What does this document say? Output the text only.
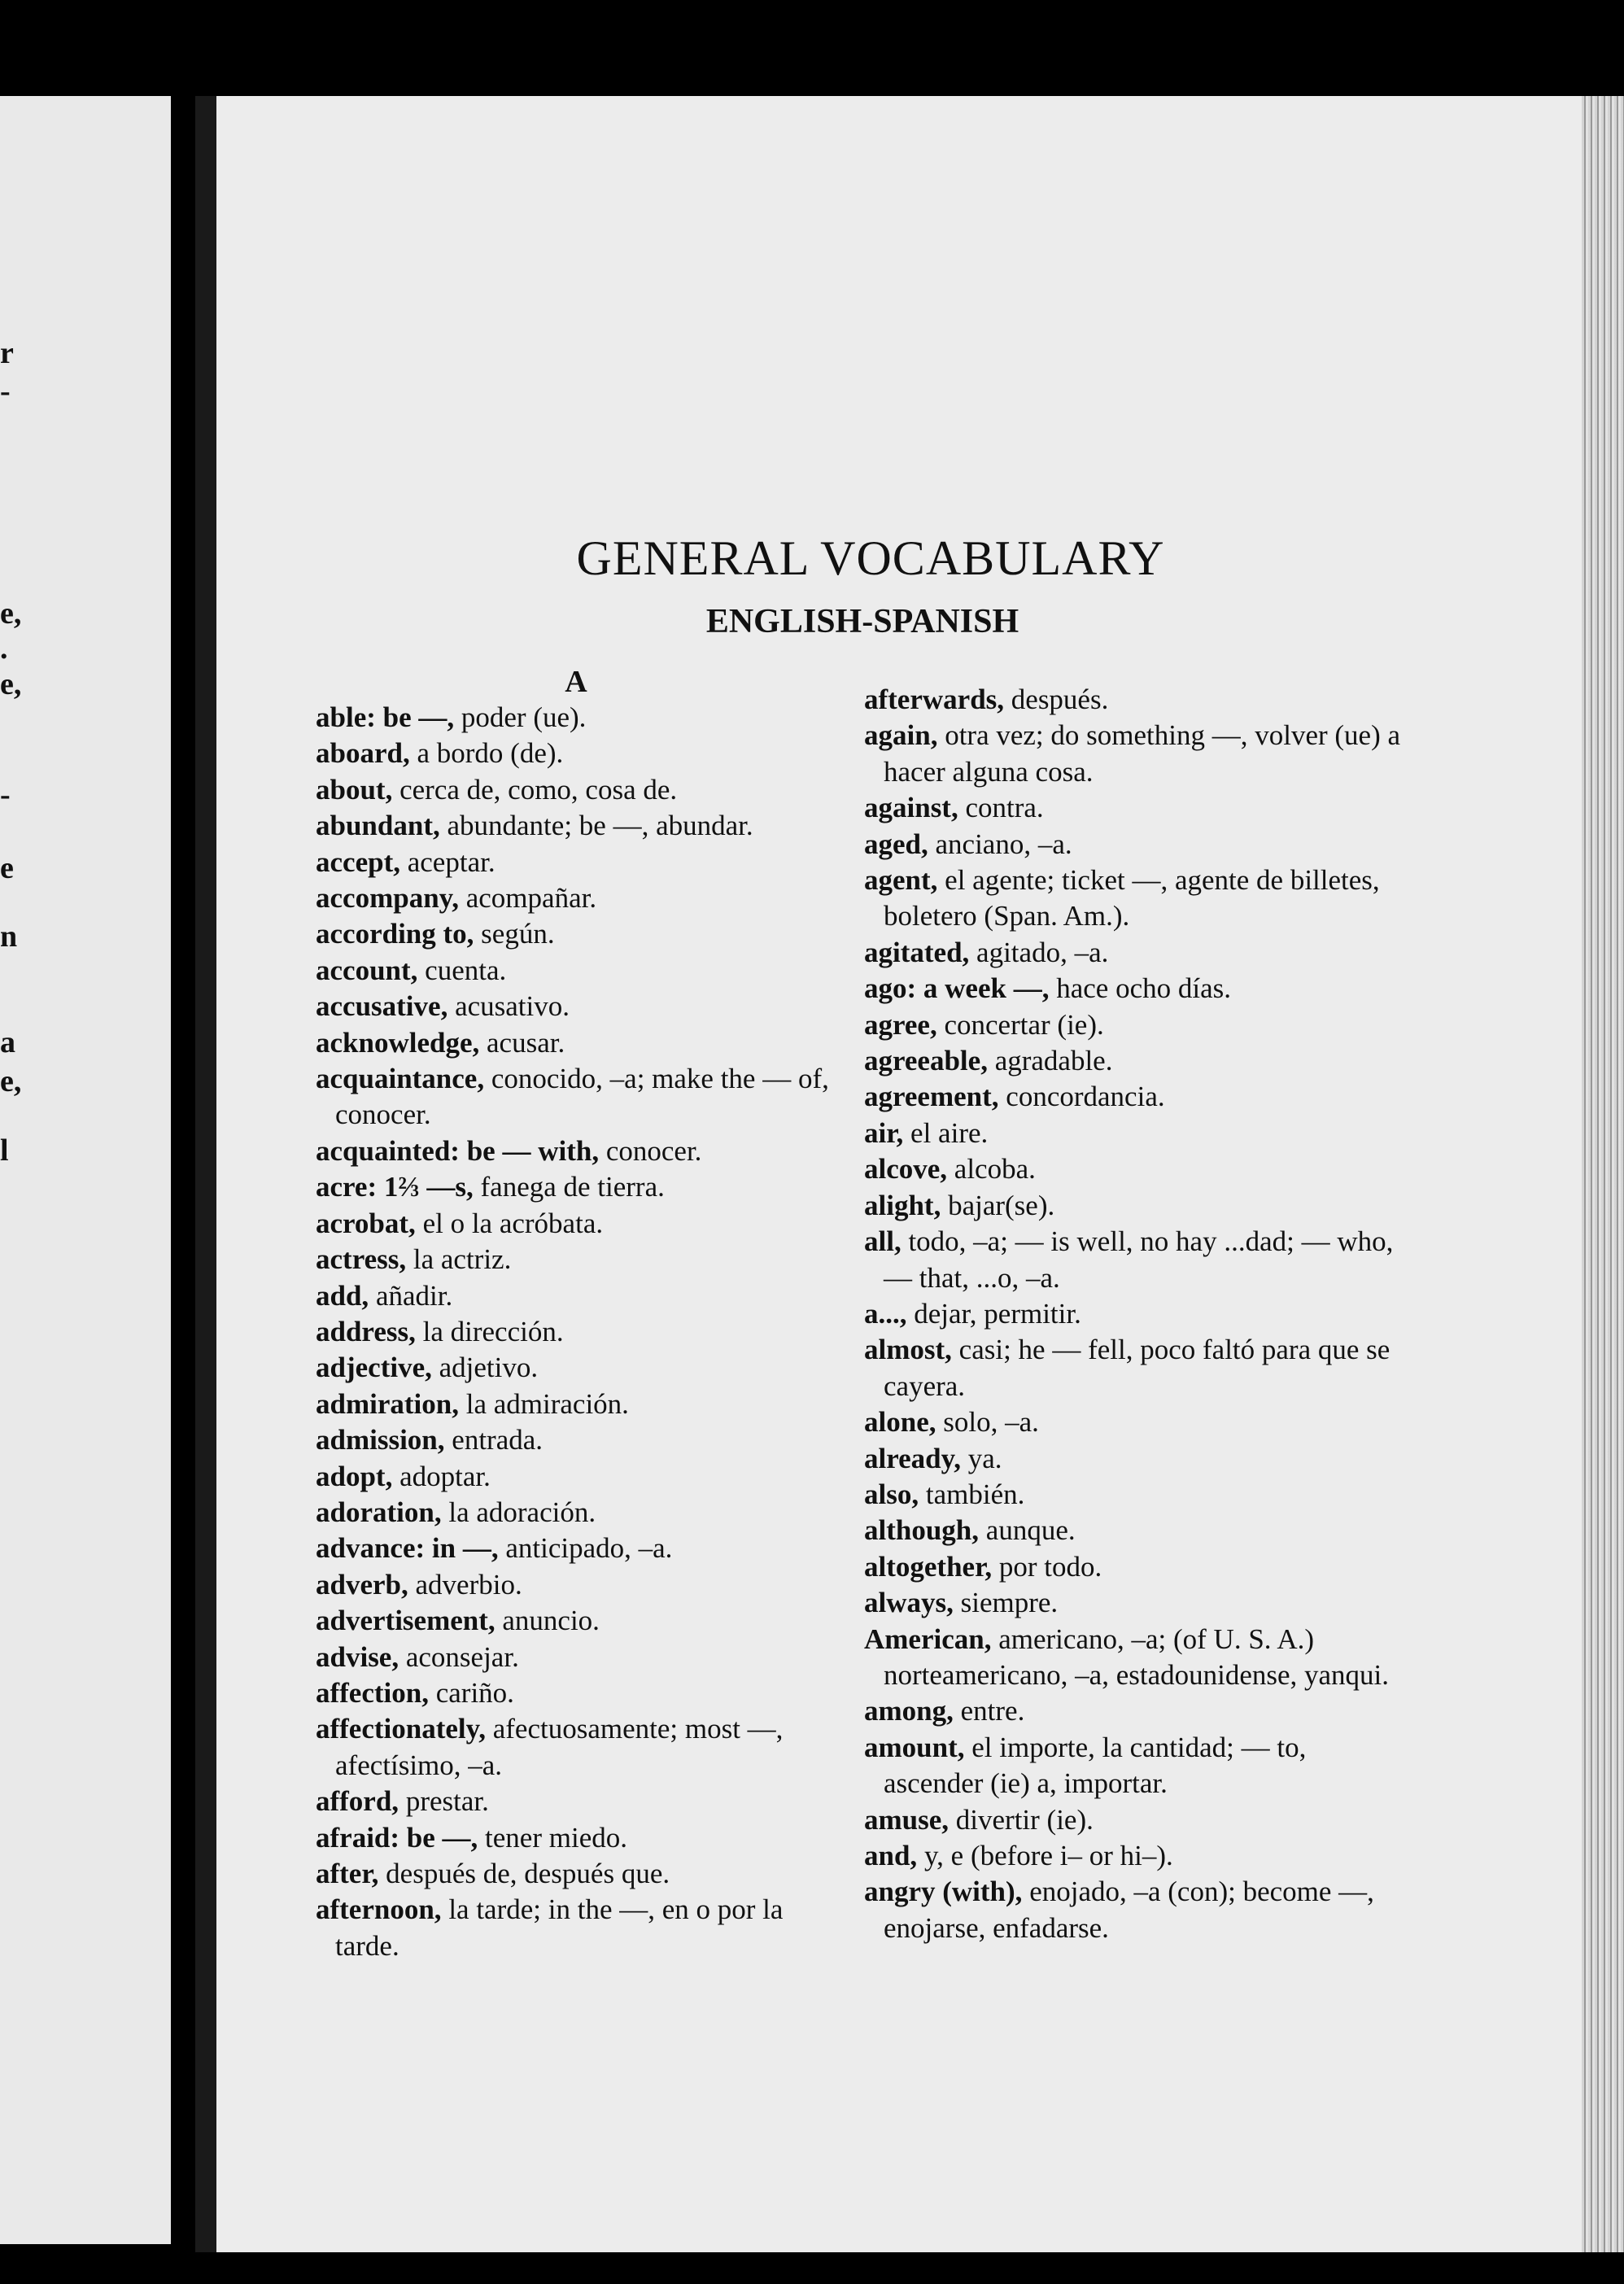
r
-
e,
.
e,
-
e
n
a
e,
l
GENERAL VOCABULARY
ENGLISH-SPANISH
A

able: be —, poder (ue).

aboard, a bordo (de).

about, cerca de, como, cosa de.

abundant, abundante; be —, abundar.

accept, aceptar.

accompany, acompañar.

according to, según.

account, cuenta.

accusative, acusativo.

acknowledge, acusar.

acquaintance, conocido, –a; make the — of, conocer.

acquainted: be — with, conocer.

acre: 1⅔ —s, fanega de tierra.

acrobat, el o la acróbata.

actress, la actriz.

add, añadir.

address, la dirección.

adjective, adjetivo.

admiration, la admiración.

admission, entrada.

adopt, adoptar.

adoration, la adoración.

advance: in —, anticipado, –a.

adverb, adverbio.

advertisement, anuncio.

advise, aconsejar.

affection, cariño.

affectionately, afectuosamente; most —, afectísimo, –a.

afford, prestar.

afraid: be —, tener miedo.

after, después de, después que.

afternoon, la tarde; in the —, en o por la tarde.

afterwards, después.

again, otra vez; do something —, volver (ue) a hacer alguna cosa.

against, contra.

aged, anciano, –a.

agent, el agente; ticket —, agente de billetes, boletero (Span. Am.).

agitated, agitado, –a.

ago: a week —, hace ocho días.

agree, concertar (ie).

agreeable, agradable.

agreement, concordancia.

air, el aire.

alcove, alcoba.

alight, bajar(se).

all, todo, –a; — is well, no hay ...dad; — who, — that, ...o, –a.

a..., dejar, permitir.

almost, casi; he — fell, poco faltó para que se cayera.

alone, solo, –a.

already, ya.

also, también.

although, aunque.

altogether, por todo.

always, siempre.

American, americano, –a; (of U. S. A.) norteamericano, –a, estadounidense, yanqui.

among, entre.

amount, el importe, la cantidad; — to, ascender (ie) a, importar.

amuse, divertir (ie).

and, y, e (before i– or hi–).

angry (with), enojado, –a (con); become —, enojarse, enfadarse.
